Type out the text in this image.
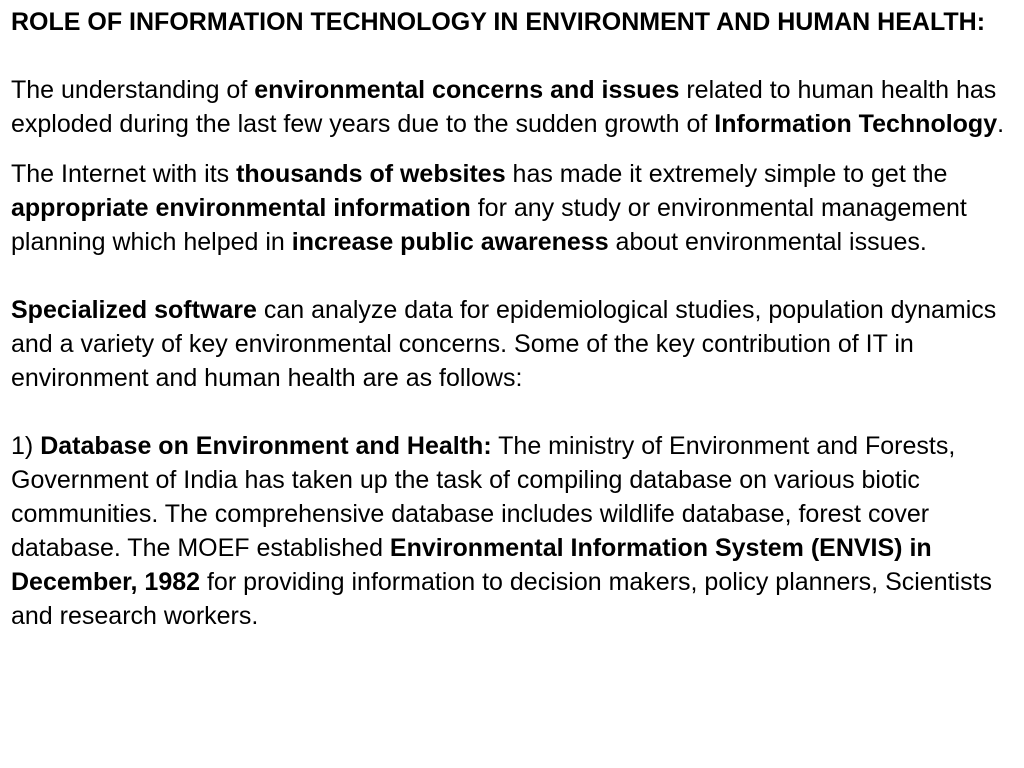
ROLE OF INFORMATION TECHNOLOGY IN ENVIRONMENT AND HUMAN HEALTH:

The understanding of environmental concerns and issues related to human health has exploded during the last few years due to the sudden growth of Information Technology.

The Internet with its thousands of websites has made it extremely simple to get the appropriate environmental information for any study or environmental management planning which helped in increase public awareness about environmental issues.

Specialized software can analyze data for epidemiological studies, population dynamics and a variety of key environmental concerns. Some of the key contribution of IT in environment and human health are as follows:

1) Database on Environment and Health: The ministry of Environment and Forests, Government of India has taken up the task of compiling database on various biotic communities. The comprehensive database includes wildlife database, forest cover database. The MOEF established Environmental Information System (ENVIS) in December, 1982 for providing information to decision makers, policy planners, Scientists and research workers.
